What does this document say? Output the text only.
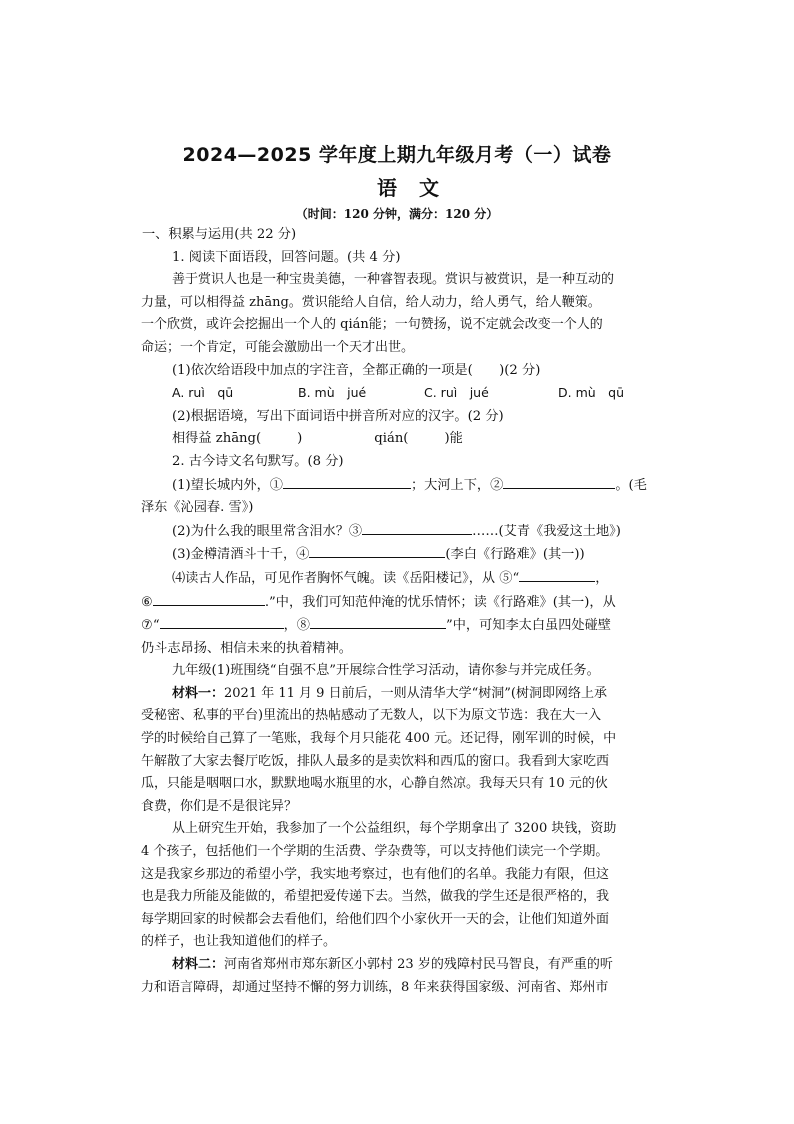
2024—2025 学年度上期九年级月考（一）试卷
语文
（时间：120 分钟，满分：120 分）
一、积累与运用(共 22 分)
1. 阅读下面语段，回答问题。(共 4 分)
善于赏识人也是一种宝贵美德，一种睿智表现。赏识与被赏识，是一种互动的
力量，可以相得益 zhāng。赏识能给人自信，给人动力，给人勇气，给人鞭策。
一个欣赏，或许会挖掘出一个人的 qián能；一句赞扬，说不定就会改变一个人的
命运；一个肯定，可能会激励出一个天才出世。
(1)依次给语段中加点的字注音，全都正确的一项是(　　)(2 分)
A. ruì　qū	B. mù　jué	C. ruì　jué	D. mù　qū
(2)根据语境，写出下面词语中拼音所对应的汉字。(2 分)
相得益 zhāng(	)	qián(	)能
2. 古今诗文名句默写。(8 分)
(1)望长城内外，①	；大河上下，②	。(毛
泽东《沁园春. 雪》)
(2)为什么我的眼里常含泪水？③	……(艾青《我爱这土地》)
(3)金樽清酒斗十千，④	(李白《行路难》(其一))
⑷读古人作品，可见作者胸怀气魄。读《岳阳楼记》，从 ⑤“	，
⑥	.”中，我们可知范仲淹的忧乐情怀；读《行路难》(其一)，从
⑦“	，⑧	”中，可知李太白虽四处碰壁
仍斗志昂扬、相信未来的执着精神。
九年级(1)班围绕“自强不息”开展综合性学习活动，请你参与并完成任务。
材料一：2021 年 11 月 9 日前后，一则从清华大学“树洞”(树洞即网络上承
受秘密、私事的平台)里流出的热帖感动了无数人，以下为原文节选：我在大一入
学的时候给自己算了一笔账，我每个月只能花 400 元。还记得，刚军训的时候，中
午解散了大家去餐厅吃饭，排队人最多的是卖饮料和西瓜的窗口。我看到大家吃西
瓜，只能是咽咽口水，默默地喝水瓶里的水，心静自然凉。我每天只有 10 元的伙
食费，你们是不是很诧异？
从上研究生开始，我参加了一个公益组织，每个学期拿出了 3200 块钱，资助
4 个孩子，包括他们一个学期的生活费、学杂费等，可以支持他们读完一个学期。
这是我家乡那边的希望小学，我实地考察过，也有他们的名单。我能力有限，但这
也是我力所能及能做的，希望把爱传递下去。当然，做我的学生还是很严格的，我
每学期回家的时候都会去看他们，给他们四个小家伙开一天的会，让他们知道外面
的样子，也让我知道他们的样子。
材料二：河南省郑州市郑东新区小郭村 23 岁的残障村民马智良，有严重的听
力和语言障碍，却通过坚持不懈的努力训练，8 年来获得国家级、河南省、郑州市
